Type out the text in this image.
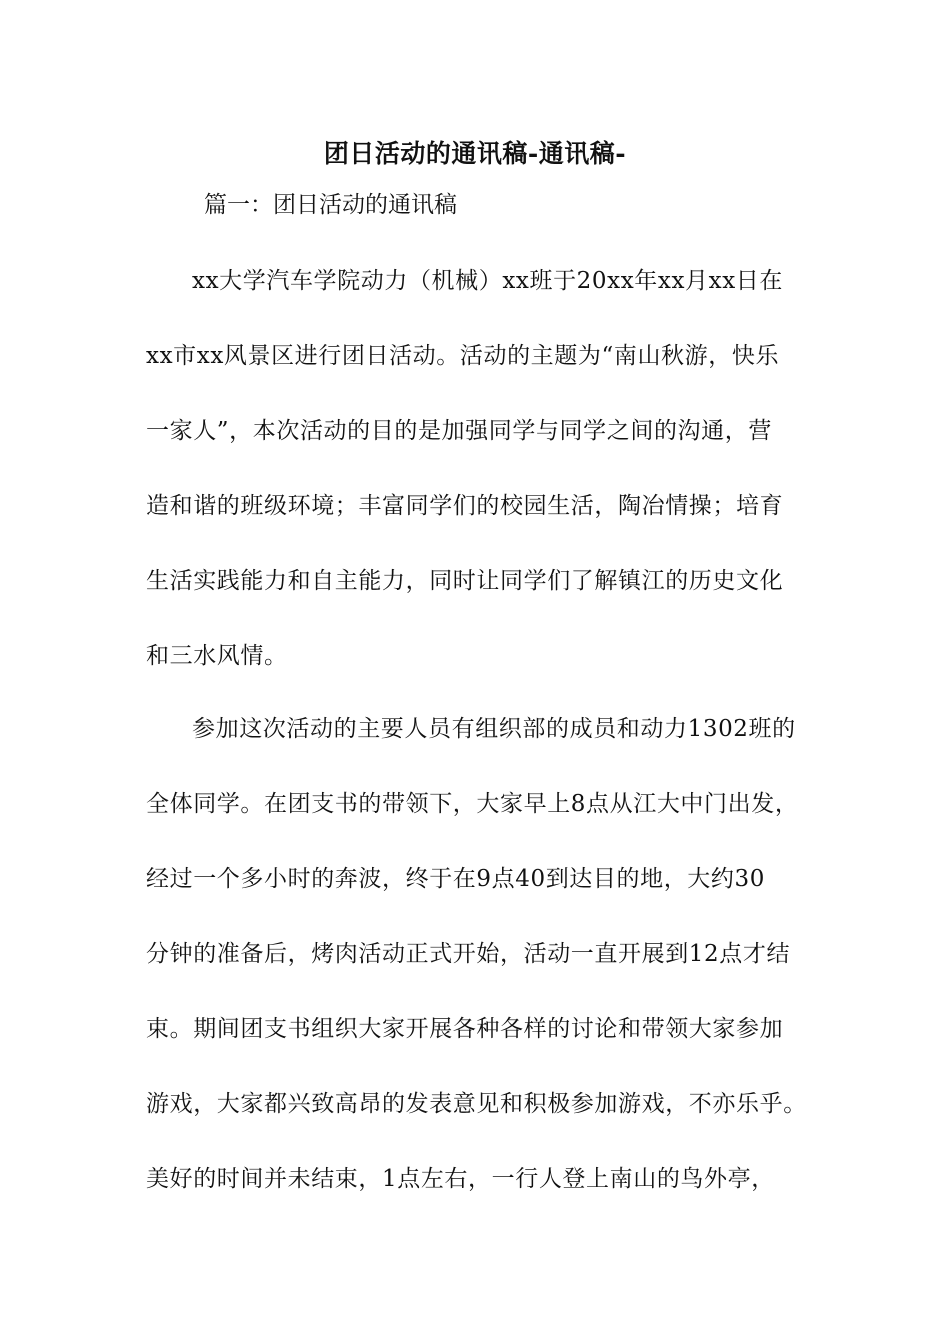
团日活动的通讯稿-通讯稿-
篇一：团日活动的通讯稿
xx大学汽车学院动力（机械）xx班于20xx年xx月xx日在
xx市xx风景区进行团日活动。活动的主题为“南山秋游，快乐
一家人”，本次活动的目的是加强同学与同学之间的沟通，营
造和谐的班级环境；丰富同学们的校园生活，陶冶情操；培育
生活实践能力和自主能力，同时让同学们了解镇江的历史文化
和三水风情。
参加这次活动的主要人员有组织部的成员和动力1302班的
全体同学。在团支书的带领下，大家早上8点从江大中门出发，
经过一个多小时的奔波，终于在9点40到达目的地，大约30
分钟的准备后，烤肉活动正式开始，活动一直开展到12点才结
束。期间团支书组织大家开展各种各样的讨论和带领大家参加
游戏，大家都兴致高昂的发表意见和积极参加游戏，不亦乐乎。
美好的时间并未结束，1点左右，一行人登上南山的鸟外亭，
